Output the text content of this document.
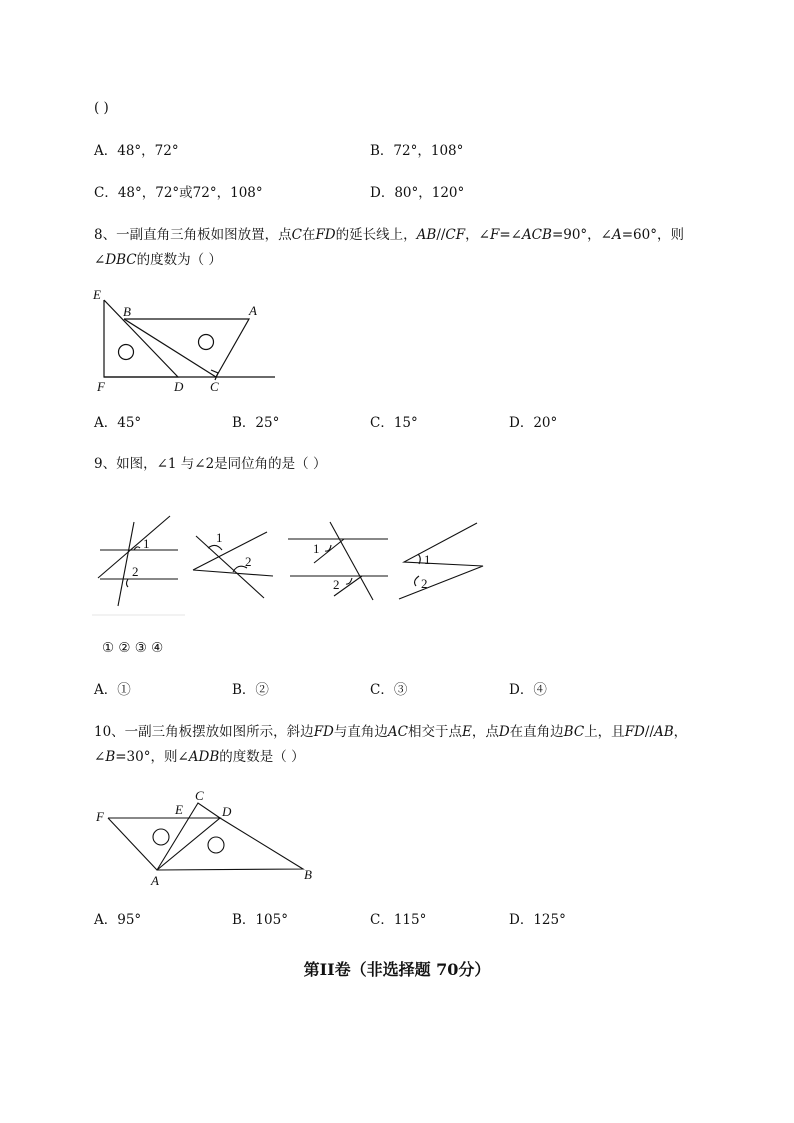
( )
A．48°，72°	B．72°，108°
C．48°，72°或72°，108°	D．80°，120°
8、一副直角三角板如图放置，点C在FD的延长线上，AB//CF，∠F=∠ACB=90°，∠A=60°，则
∠DBC的度数为（ ）
E
B	A
F	D C
A．45°	B．25°	C．15°	D．20°
9、如图，∠1 与∠2是同位角的是（ ）
1
2
1
2
1
2
1
2
① ② ③ ④
A．①	B．②	C．③	D．④
10、一副三角板摆放如图所示，斜边FD与直角边AC相交于点E，点D在直角边BC上，且FD//AB，
∠B=30°，则∠ADB的度数是（ ）
F	E
C
D
A	B
A．95°	B．105°	C．115°	D．125°
第II卷（非选择题 70分）
